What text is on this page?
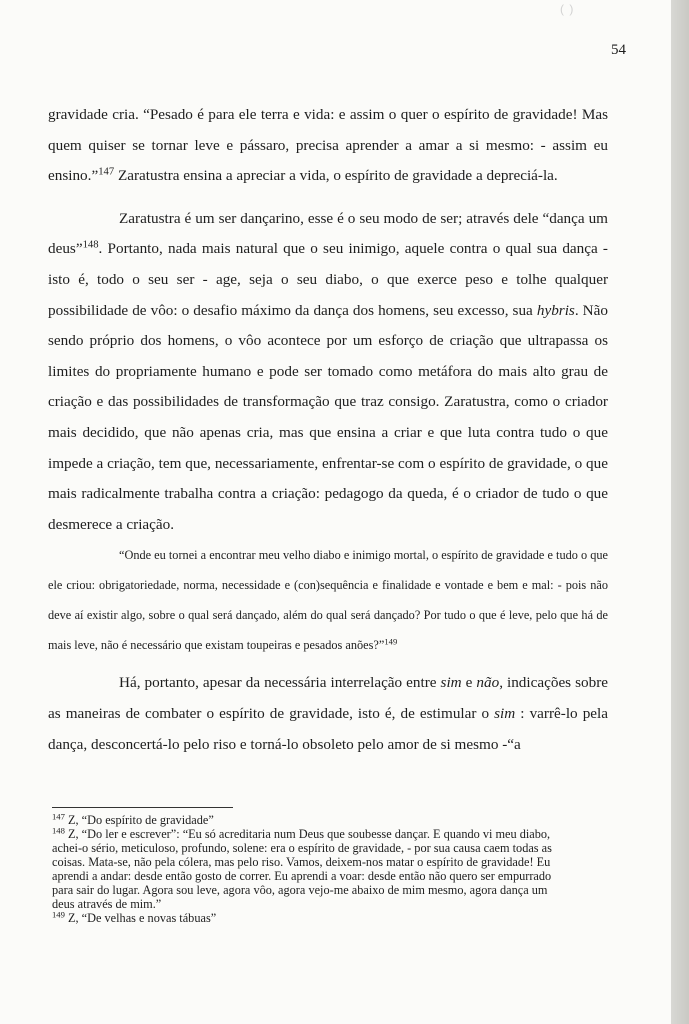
( )
54

gravidade cria. “Pesado é para ele terra e vida: e assim o quer o espírito de gravidade! Mas quem quiser se tornar leve e pássaro, precisa aprender a amar a si mesmo: - assim eu ensino.”$^{147}$ Zaratustra ensina a apreciar a vida, o espírito de gravidade a depreciá-la.

Zaratustra é um ser dançarino, esse é o seu modo de ser; através dele “dança um deus”$^{148}$. Portanto, nada mais natural que o seu inimigo, aquele contra o qual sua dança - isto é, todo o seu ser - age, seja o seu diabo, o que exerce peso e tolhe qualquer possibilidade de vôo: o desafio máximo da dança dos homens, seu excesso, sua hybris. Não sendo próprio dos homens, o vôo acontece por um esforço de criação que ultrapassa os limites do propriamente humano e pode ser tomado como metáfora do mais alto grau de criação e das possibilidades de transformação que traz consigo. Zaratustra, como o criador mais decidido, que não apenas cria, mas que ensina a criar e que luta contra tudo o que impede a criação, tem que, necessariamente, enfrentar-se com o espírito de gravidade, o que mais radicalmente trabalha contra a criação: pedagogo da queda, é o criador de tudo o que desmerece a criação.

“Onde eu tornei a encontrar meu velho diabo e inimigo mortal, o espírito de gravidade e tudo o que ele criou: obrigatoriedade, norma, necessidade e (con)sequência e finalidade e vontade e bem e mal: - pois não deve aí existir algo, sobre o qual será dançado, além do qual será dançado? Por tudo o que é leve, pelo que há de mais leve, não é necessário que existam toupeiras e pesados anões?”$^{149}$

Há, portanto, apesar da necessária interrelação entre sim e não, indicações sobre as maneiras de combater o espírito de gravidade, isto é, de estimular o sim : varrê-lo pela dança, desconcertá-lo pelo riso e torná-lo obsoleto pelo amor de si mesmo -“a

$^{147}$ Z, “Do espírito de gravidade”

$^{148}$ Z, “Do ler e escrever”: “Eu só acreditaria num Deus que soubesse dançar. E quando vi meu diabo, achei-o sério, meticuloso, profundo, solene: era o espírito de gravidade, - por sua causa caem todas as coisas. Mata-se, não pela cólera, mas pelo riso. Vamos, deixem-nos matar o espírito de gravidade! Eu aprendi a andar: desde então gosto de correr. Eu aprendi a voar: desde então não quero ser empurrado para sair do lugar. Agora sou leve, agora vôo, agora vejo-me abaixo de mim mesmo, agora dança um deus através de mim.”

$^{149}$ Z, “De velhas e novas tábuas”
